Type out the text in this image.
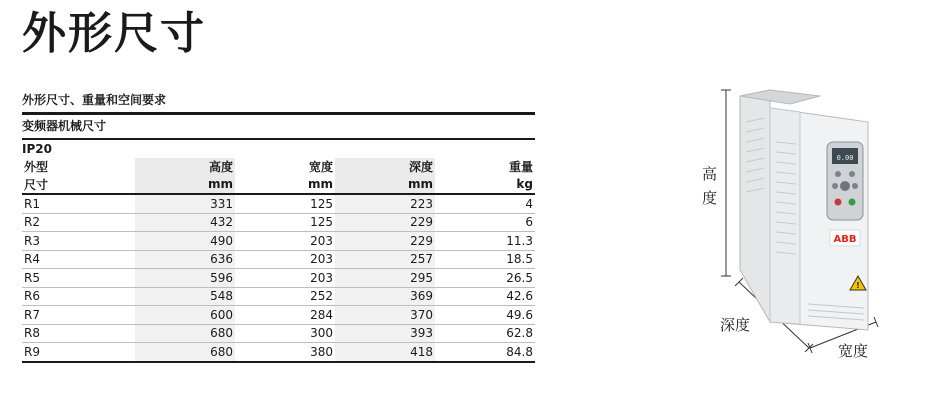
外形尺寸
外形尺寸、重量和空间要求
变频器机械尺寸
IP20
外型	高度	宽度	深度	重量
尺寸	mm	mm	mm	kg
R1	331	125	223	4
R2	432	125	229	6
R3	490	203	229	11.3
R4	636	203	257	18.5
R5	596	203	295	26.5
R6	548	252	369	42.6
R7	600	284	370	49.6
R8	680	300	393	62.8
R9	680	380	418	84.8
0.00
ABB
!
高度
深度
宽度
